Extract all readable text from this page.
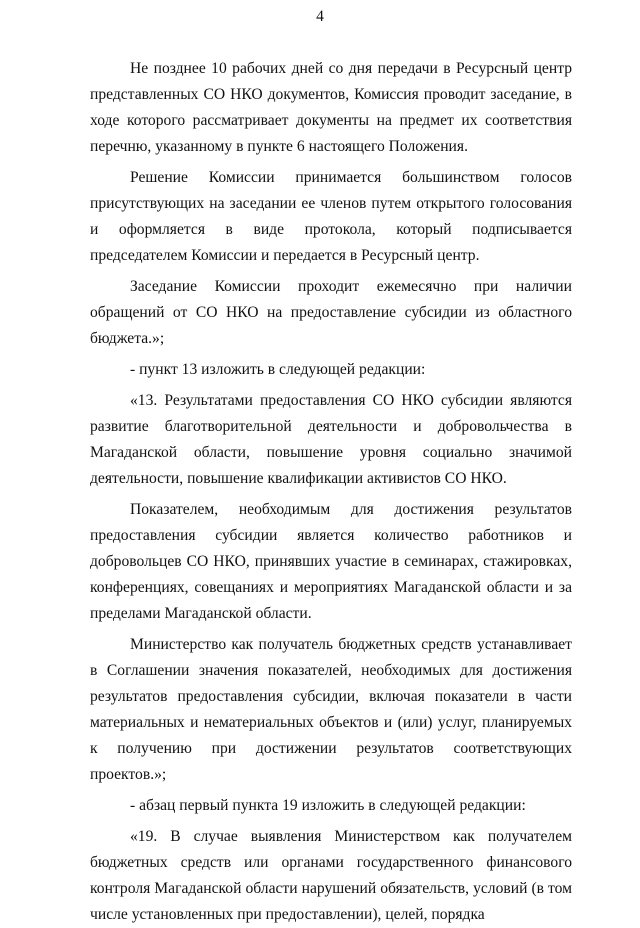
4

Не позднее 10 рабочих дней со дня передачи в Ресурсный центр представленных СО НКО документов, Комиссия проводит заседание, в ходе которого рассматривает документы на предмет их соответствия перечню, указанному в пункте 6 настоящего Положения.

Решение Комиссии принимается большинством голосов присутствующих на заседании ее членов путем открытого голосования и оформляется в виде протокола, который подписывается председателем Комиссии и передается в Ресурсный центр.

Заседание Комиссии проходит ежемесячно при наличии обращений от СО НКО на предоставление субсидии из областного бюджета.»;

- пункт 13 изложить в следующей редакции:

«13. Результатами предоставления СО НКО субсидии являются развитие благотворительной деятельности и добровольчества в Магаданской области, повышение уровня социально значимой деятельности, повышение квалификации активистов СО НКО.

Показателем, необходимым для достижения результатов предоставления субсидии является количество работников и добровольцев СО НКО, принявших участие в семинарах, стажировках, конференциях, совещаниях и мероприятиях Магаданской области и за пределами Магаданской области.

Министерство как получатель бюджетных средств устанавливает в Соглашении значения показателей, необходимых для достижения результатов предоставления субсидии, включая показатели в части материальных и нематериальных объектов и (или) услуг, планируемых к получению при достижении результатов соответствующих проектов.»;

- абзац первый пункта 19 изложить в следующей редакции:

«19. В случае выявления Министерством как получателем бюджетных средств или органами государственного финансового контроля Магаданской области нарушений обязательств, условий (в том числе установленных при предоставлении), целей, порядка
